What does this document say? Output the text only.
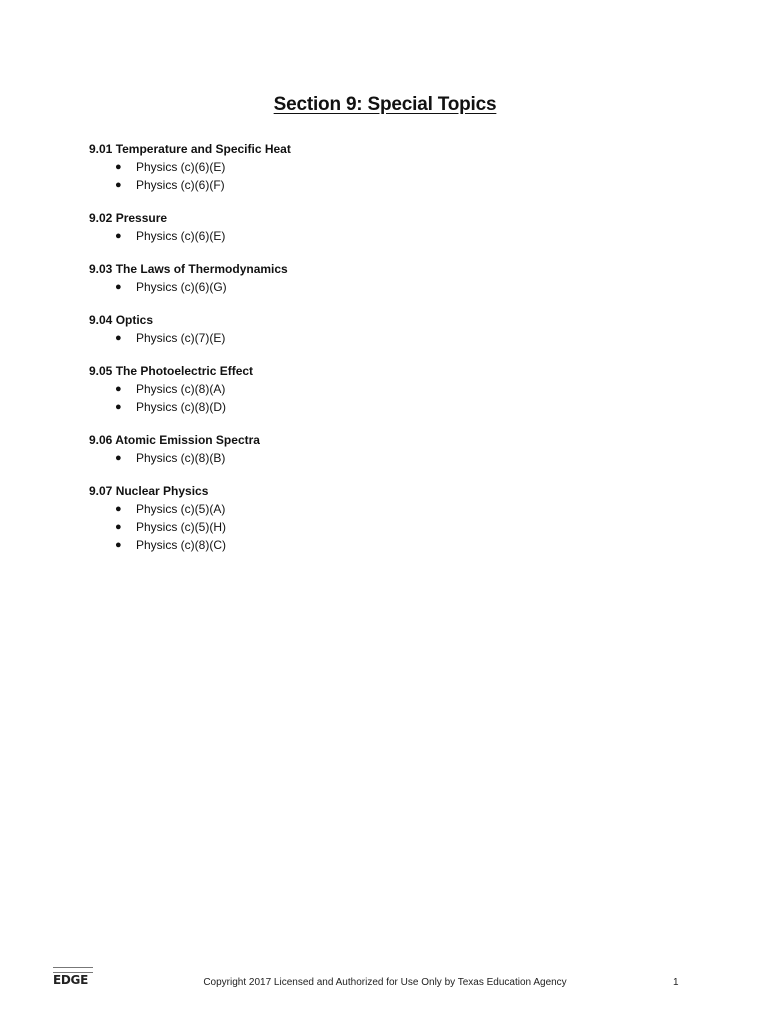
Section 9: Special Topics
9.01 Temperature and Specific Heat
● Physics (c)(6)(E)
● Physics (c)(6)(F)
9.02 Pressure
● Physics (c)(6)(E)
9.03 The Laws of Thermodynamics
● Physics (c)(6)(G)
9.04 Optics
● Physics (c)(7)(E)
9.05 The Photoelectric Effect
● Physics (c)(8)(A)
● Physics (c)(8)(D)
9.06 Atomic Emission Spectra
● Physics (c)(8)(B)
9.07 Nuclear Physics
● Physics (c)(5)(A)
● Physics (c)(5)(H)
● Physics (c)(8)(C)
EDGE	Copyright 2017 Licensed and Authorized for Use Only by Texas Education Agency	1
